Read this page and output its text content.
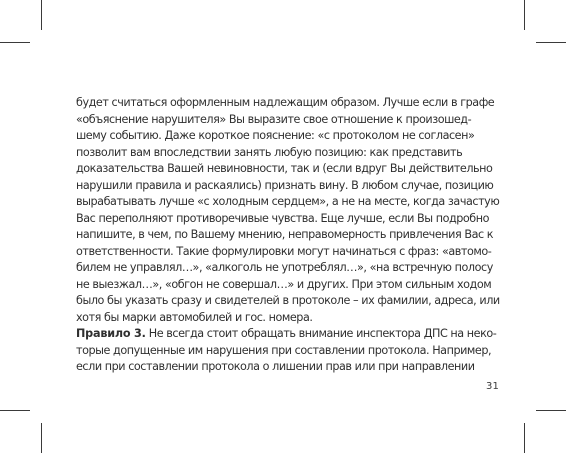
будет считаться оформленным надлежащим образом. Лучше если в графе
«объяснение нарушителя» Вы выразите свое отношение к произошед-
шему событию. Даже короткое пояснение: «с протоколом не согласен»
позволит вам впоследствии занять любую позицию: как представить
доказательства Вашей невиновности, так и (если вдруг Вы действительно
нарушили правила и раскаялись) признать вину. В любом случае, позицию
вырабатывать лучше «с холодным сердцем», а не на месте, когда зачастую
Вас переполняют противоречивые чувства. Еще лучше, если Вы подробно
напишите, в чем, по Вашему мнению, неправомерность привлечения Вас к
ответственности. Такие формулировки могут начинаться с фраз: «автомо-
билем не управлял…», «алкоголь не употреблял…», «на встречную полосу
не выезжал…», «обгон не совершал…» и других. При этом сильным ходом
было бы указать сразу и свидетелей в протоколе – их фамилии, адреса, или
хотя бы марки автомобилей и гос. номера.
Правило 3. Не всегда стоит обращать внимание инспектора ДПС на неко-
торые допущенные им нарушения при составлении протокола. Например,
если при составлении протокола о лишении прав или при направлении
31
